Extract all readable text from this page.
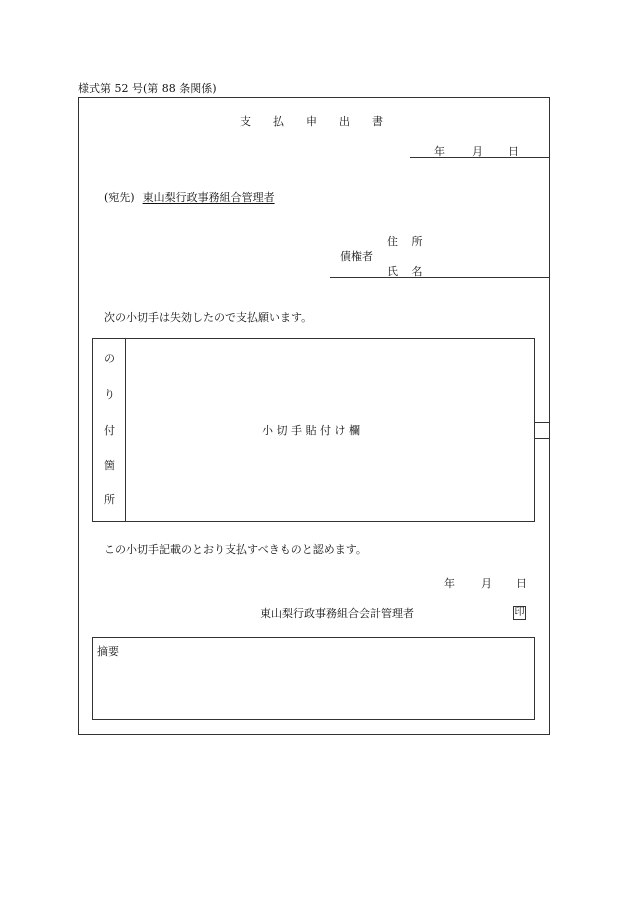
様式第 52 号(第 88 条関係)
支払申出書
年 月 日
(宛先) 東山梨行政事務組合管理者
債権者
住 所
氏 名
次の小切手は失効したので支払願います。
の
り
付
箇
所
小 切 手 貼 付 け 欄
この小切手記載のとおり支払すべきものと認めます。
年 月 日
東山梨行政事務組合会計管理者	印
摘要
